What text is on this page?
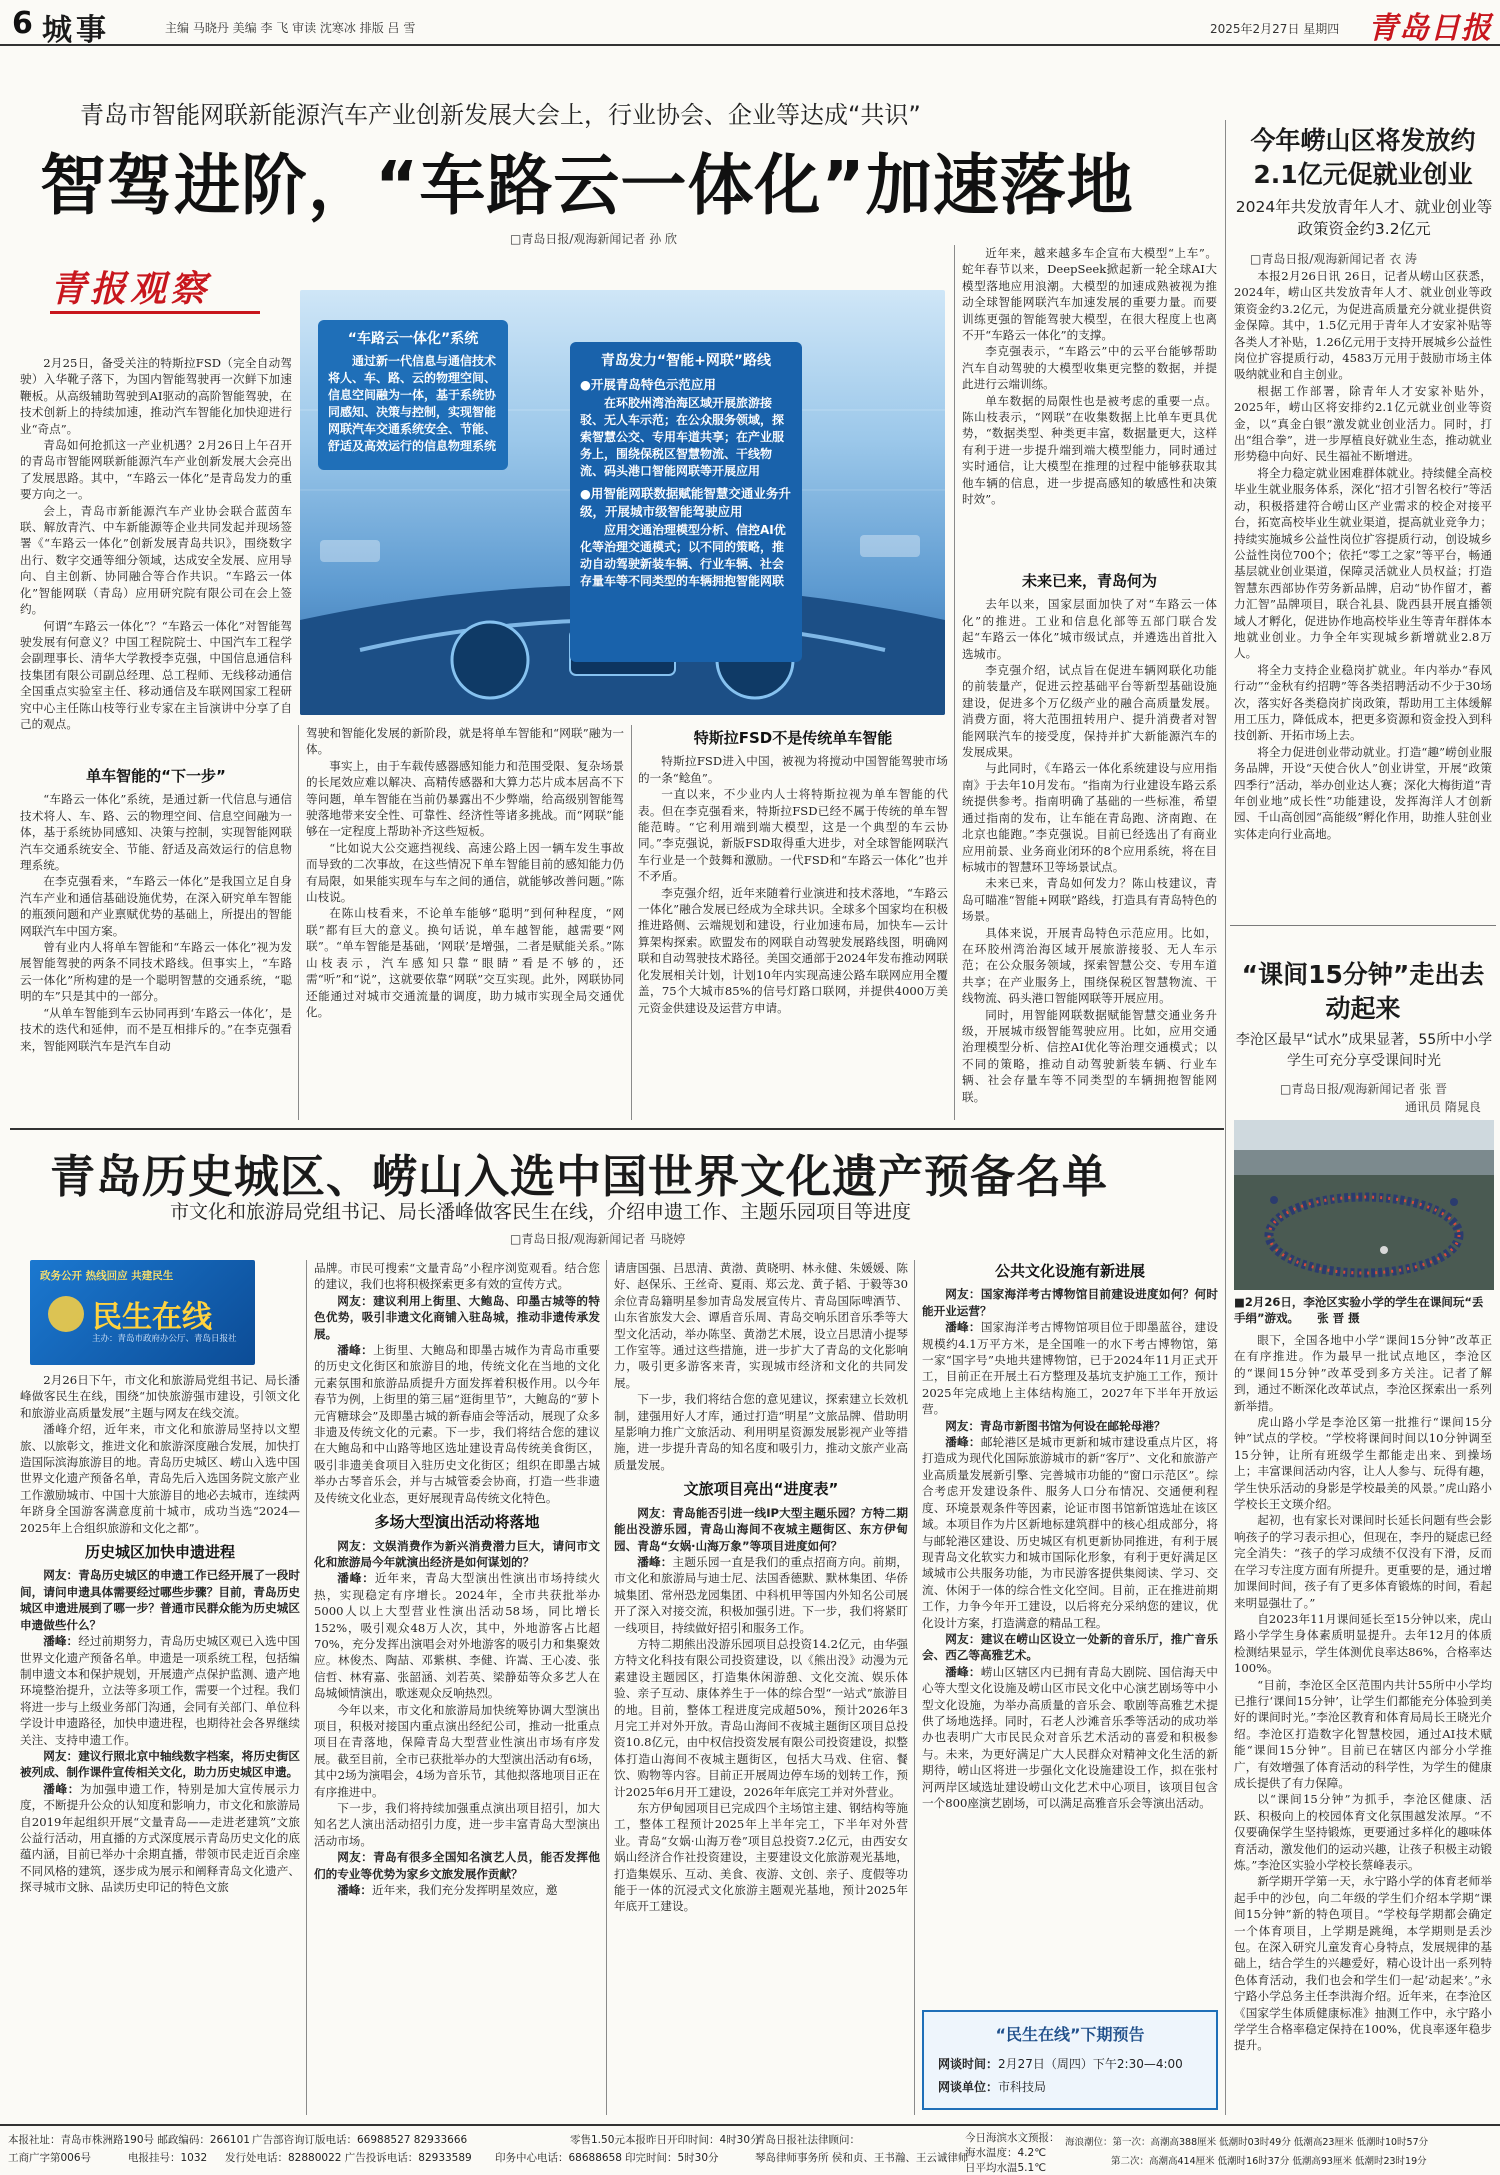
6 城事	主编 马晓丹 美编 李 飞 审读 沈寒冰 排版 吕 雪	2025年2月27日 星期四 青岛日报
青岛市智能网联新能源汽车产业创新发展大会上，行业协会、企业等达成“共识”
智驾进阶，“车路云一体化”加速落地
□青岛日报/观海新闻记者 孙 欣
青报观察
“车路云一体化”系统
通过新一代信息与通信技术将人、车、路、云的物理空间、信息空间融为一体，基于系统协同感知、决策与控制，实现智能网联汽车交通系统安全、节能、舒适及高效运行的信息物理系统
青岛发力“智能+网联”路线
●开展青岛特色示范应用
在环胶州湾治海区域开展旅游接驳、无人车示范；在公众服务领域，探索智慧公交、专用车道共享；在产业服务上，围绕保税区智慧物流、干线物流、码头港口智能网联等开展应用
●用智能网联数据赋能智慧交通业务升级，开展城市级智能驾驶应用
应用交通治理模型分析、信控AI优化等治理交通模式；以不同的策略，推动自动驾驶新装车辆、行业车辆、社会存量车等不同类型的车辆拥抱智能网联

2月25日，备受关注的特斯拉FSD（完全自动驾驶）入华靴子落下，为国内智能驾驶再一次鲜下加速鞭板。从高级辅助驾驶到AI驱动的高阶智能驾驶，在技术创新上的持续加速，推动汽车智能化加快迎进行业“奇点”。

青岛如何抢抓这一产业机遇？2月26日上午召开的青岛市智能网联新能源汽车产业创新发展大会亮出了发展思路。其中，“车路云一体化”是青岛发力的重要方向之一。

会上，青岛市新能源汽车产业协会联合蓝茵车联、解放青汽、中车新能源等企业共同发起并现场签署《“车路云一体化”创新发展青岛共识》，围绕数字出行、数字交通等细分领域，达成安全发展、应用导向、自主创新、协同融合等合作共识。“车路云一体化”智能网联（青岛）应用研究院有限公司在会上签约。

何谓“车路云一体化”？“车路云一体化”对智能驾驶发展有何意义？中国工程院院士、中国汽车工程学会副理事长、清华大学教授李克强，中国信息通信科技集团有限公司副总经理、总工程师、无线移动通信全国重点实验室主任、移动通信及车联网国家工程研究中心主任陈山枝等行业专家在主旨演讲中分享了自己的观点。

单车智能的“下一步”

“车路云一体化”系统，是通过新一代信息与通信技术将人、车、路、云的物理空间、信息空间融为一体，基于系统协同感知、决策与控制，实现智能网联汽车交通系统安全、节能、舒适及高效运行的信息物理系统。

在李克强看来，“车路云一体化”是我国立足自身汽车产业和通信基础设施优势，在深入研究单车智能的瓶颈问题和产业禀赋优势的基础上，所提出的智能网联汽车中国方案。

曾有业内人将单车智能和“车路云一体化”视为发展智能驾驶的两条不同技术路线。但事实上，“车路云一体化”所构建的是一个聪明智慧的交通系统，“聪明的车”只是其中的一部分。

“从单车智能到车云协同再到‘车路云一体化’，是技术的迭代和延伸，而不是互相排斥的。”在李克强看来，智能网联汽车是汽车自动

驾驶和智能化发展的新阶段，就是将单车智能和“网联”融为一体。

事实上，由于车载传感器感知能力和范围受限、复杂场景的长尾效应难以解决、高精传感器和大算力芯片成本居高不下等问题，单车智能在当前仍暴露出不少弊端，给高级别智能驾驶落地带来安全性、可靠性、经济性等诸多挑战。而“网联”能够在一定程度上帮助补齐这些短板。

“比如说大公交遮挡视线、高速公路上因一辆车发生事故而导致的二次事故，在这些情况下单车智能目前的感知能力仍有局限，如果能实现车与车之间的通信，就能够改善问题。”陈山枝说。

在陈山枝看来，不论单车能够“聪明”到何种程度，“网联”都有巨大的意义。换句话说，单车越智能，越需要“网联”。“单车智能是基础，‘网联’是增强，二者是赋能关系。”陈山枝表示，汽车感知只靠“眼睛”看是不够的，还需“听”和“说”，这就要依靠“网联”交互实现。此外，网联协同还能通过对城市交通流量的调度，助力城市实现全局交通优化。

特斯拉FSD不是传统单车智能

特斯拉FSD进入中国，被视为将搅动中国智能驾驶市场的一条“鲶鱼”。

一直以来，不少业内人士将特斯拉视为单车智能的代表。但在李克强看来，特斯拉FSD已经不属于传统的单车智能范畴。“它利用端到端大模型，这是一个典型的车云协同。”李克强说，新版FSD取得重大进步，对全球智能网联汽车行业是一个鼓舞和激励。一代FSD和“车路云一体化”也并不矛盾。

李克强介绍，近年来随着行业演进和技术落地，“车路云一体化”融合发展已经成为全球共识。全球多个国家均在积极推进路侧、云端规划和建设，行业加速布局，加快车—云计算架构探索。欧盟发布的网联自动驾驶发展路线图，明确网联和自动驾驶技术路径。美国交通部于2024年发布推动网联化发展相关计划，计划10年内实现高速公路车联网应用全覆盖，75个大城市85%的信号灯路口联网，并提供4000万美元资金供建设及运营方申请。

近年来，越来越多车企宣布大模型“上车”。蛇年春节以来，DeepSeek掀起新一轮全球AI大模型落地应用浪潮。大模型的加速成熟被视为推动全球智能网联汽车加速发展的重要力量。而要训练更强的智能驾驶大模型，在很大程度上也离不开“车路云一体化”的支撑。

李克强表示，“车路云”中的云平台能够帮助汽车自动驾驶的大模型收集更完整的数据，并提此进行云端训练。

单车数据的局限性也是被考虑的重要一点。陈山枝表示，“网联”在收集数据上比单车更具优势，“数据类型、种类更丰富，数据量更大，这样有利于进一步提升端到端大模型能力，同时通过实时通信，让大模型在推理的过程中能够获取其他车辆的信息，进一步提高感知的敏感性和决策时效”。

未来已来，青岛何为

去年以来，国家层面加快了对“车路云一体化”的推进。工业和信息化部等五部门联合发起“车路云一体化”城市级试点，并遴选出首批入选城市。

李克强介绍，试点旨在促进车辆网联化功能的前装量产，促进云控基础平台等新型基础设施建设，促进多个万亿级产业的融合高质量发展。消费方面，将大范围扭转用户、提升消费者对智能网联汽车的接受度，保持并扩大新能源汽车的发展成果。

与此同时，《车路云一体化系统建设与应用指南》于去年10月发布。“指南为行业建设车路云系统提供参考。指南明确了基础的一些标准，希望通过指南的发布，让车能在青岛跑、济南跑、在北京也能跑。”李克强说。目前已经选出了有商业应用前景、业务商业闭环的8个应用系统，将在目标城市的智慧环卫等场景试点。

未来已来，青岛如何发力？陈山枝建议，青岛可瞄准“智能+网联”路线，打造具有青岛特色的场景。

具体来说，开展青岛特色示范应用。比如，在环胶州湾治海区域开展旅游接驳、无人车示范；在公众服务领域，探索智慧公交、专用车道共享；在产业服务上，围绕保税区智慧物流、干线物流、码头港口智能网联等开展应用。

同时，用智能网联数据赋能智慧交通业务升级，开展城市级智能驾驶应用。比如，应用交通治理模型分析、信控AI优化等治理交通模式；以不同的策略，推动自动驾驶新装车辆、行业车辆、社会存量车等不同类型的车辆拥抱智能网联。

今年崂山区将发放约2.1亿元促就业创业
2024年共发放青年人才、就业创业等政策资金约3.2亿元
□青岛日报/观海新闻记者 衣 涛

本报2月26日讯 26日，记者从崂山区获悉，2024年，崂山区共发放青年人才、就业创业等政策资金约3.2亿元，为促进高质量充分就业提供资金保障。其中，1.5亿元用于青年人才安家补贴等各类人才补贴，1.26亿元用于支持开展城乡公益性岗位扩容提质行动，4583万元用于鼓励市场主体吸纳就业和自主创业。

根据工作部署，除青年人才安家补贴外，2025年，崂山区将安排约2.1亿元就业创业等资金，以“真金白银”激发就业创业活力。同时，打出“组合拳”，进一步厚植良好就业生态，推动就业形势稳中向好、民生福祉不断增进。

将全力稳定就业困难群体就业。持续健全高校毕业生就业服务体系，深化“招才引智名校行”等活动，积极搭建符合崂山区产业需求的校企对接平台，拓宽高校毕业生就业渠道，提高就业竞争力；持续实施城乡公益性岗位扩容提质行动，创设城乡公益性岗位700个；依托“零工之家”等平台，畅通基层就业创业渠道，保障灵活就业人员权益；打造智慧东西部协作劳务新品牌，启动“协作留才，蓄力汇智”品牌项目，联合礼县、陇西县开展直播领域人才孵化，促进协作地高校毕业生等青年群体本地就业创业。力争全年实现城乡新增就业2.8万人。

将全力支持企业稳岗扩就业。年内举办“春风行动”“金秋有约招聘”等各类招聘活动不少于30场次，落实好各类稳岗扩岗政策，帮助用工主体缓解用工压力，降低成本，把更多资源和资金投入到科技创新、开拓市场上去。

将全力促进创业带动就业。打造“趣”崂创业服务品牌，开设“天使合伙人”创业讲堂，开展“政策四季行”活动，举办创业达人赛；深化大梅街道“青年创业地”成长性”功能建设，发挥海洋人才创新园、千山高创园“高能级”孵化作用，助推人驻创业实体走向行业高地。

“课间15分钟”走出去动起来
李沧区最早“试水”成果显著，55所中小学学生可充分享受课间时光
□青岛日报/观海新闻记者 张 晋
通讯员 隋晁良
■2月26日，李沧区实验小学的学生在课间玩“丢手绢”游戏。 张 晋 摄

眼下，全国各地中小学“课间15分钟”改革正在有序推进。作为最早一批试点地区，李沧区的“课间15分钟”改革受到多方关注。记者了解到，通过不断深化改革试点，李沧区探索出一系列新举措。

虎山路小学是李沧区第一批推行“课间15分钟”试点的学校。“学校将课间时间以10分钟调至15分钟，让所有班级学生都能走出来、到操场上；丰富课间活动内容，让人人参与、玩得有趣，学生快乐活动的身影是学校最美的风景。”虎山路小学校长王文瑛介绍。

起初，也有家长对课间时长延长问题有些会影响孩子的学习表示担心，但现在，李丹的疑虑已经完全消失：“孩子的学习成绩不仅没有下滑，反而在学习专注度方面有所提升。更重要的是，通过增加课间时间，孩子有了更多体育锻炼的时间，看起来明显强壮了。”

自2023年11月课间延长至15分钟以来，虎山路小学学生身体素质明显提升。去年12月的体质检测结果显示，学生体测优良率达86%，合格率达100%。

“目前，李沧区全区范围内共计55所中小学均已推行‘课间15分钟’，让学生们都能充分体验到美好的课间时光。”李沧区教育和体育局局长王晓光介绍。李沧区打造数字化智慧校园，通过AI技术赋能“课间15分钟”。目前已在辖区内部分小学推广，有效增强了体育活动的科学性，为学生的健康成长提供了有力保障。

以“课间15分钟”为抓手，李沧区健康、活跃、积极向上的校园体育文化氛围越发浓厚。“不仅要确保学生坚持锻炼，更要通过多样化的趣味体育活动，激发他们的运动兴趣，让孩子积极主动锻炼。”李沧区实验小学校长蔡峰表示。

新学期开学第一天，永宁路小学的体育老师举起手中的沙包，向二年级的学生们介绍本学期“课间15分钟”新的特色项目。“学校每学期都会确定一个体育项目，上学期是跳绳，本学期则是丢沙包。在深入研究儿童发育心身特点，发展规律的基础上，结合学生的兴趣爱好，精心设计出一系列特色体育活动，我们也会和学生们一起‘动起来’。”永宁路小学总务主任李洪海介绍。近年来，在李沧区《国家学生体质健康标准》抽测工作中，永宁路小学学生合格率稳定保持在100%，优良率逐年稳步提升。

青岛历史城区、崂山入选中国世界文化遗产预备名单
市文化和旅游局党组书记、局长潘峰做客民生在线，介绍申遗工作、主题乐园项目等进度
□青岛日报/观海新闻记者 马晓婷
政务公开 热线回应 共建民生
民生在线
主办：青岛市政府办公厅、青岛日报社

2月26日下午，市文化和旅游局党组书记、局长潘峰做客民生在线，围绕“加快旅游强市建设，引领文化和旅游业高质量发展”主题与网友在线交流。

潘峰介绍，近年来，市文化和旅游局坚持以文塑旅、以旅彰文，推进文化和旅游深度融合发展，加快打造国际滨海旅游目的地。青岛历史城区、崂山入选中国世界文化遗产预备名单，青岛先后入选国务院文旅产业工作激励城市、中国十大旅游目的地必去城市，连续两年跻身全国游客满意度前十城市，成功当选“2024—2025年上合组织旅游和文化之都”。

历史城区加快申遗进程

网友：青岛历史城区的申遗工作已经开展了一段时间，请问申遗具体需要经过哪些步骤？目前，青岛历史城区申遗进展到了哪一步？普通市民群众能为历史城区申遗做些什么？

潘峰：经过前期努力，青岛历史城区观已入选中国世界文化遗产预备名单。申遗是一项系统工程，包括编制申遗文本和保护规划，开展遗产点保护监测、遗产地环境整治提升，立法等多项工作，需要一个过程。我们将进一步与上级业务部门沟通，会同有关部门、单位科学设计申遗路径，加快申遗进程，也期待社会各界继续关注、支持申遗工作。

网友：建议行照北京中轴线数字档案，将历史街区被列成、制作课件宣传相关文化，助力历史城区申遗。

潘峰：为加强申遗工作，特别是加大宣传展示力度，不断提升公众的认知度和影响力，市文化和旅游局自2019年起组织开展“文量青岛——走进老建筑”文旅公益行活动，用直播的方式深度展示青岛历史文化的底蕴内涵，目前已举办十余期直播，带领市民走近百余座不同风格的建筑，逐步成为展示和阐释青岛文化遗产、探寻城市文脉、品读历史印记的特色文旅

品牌。市民可搜索“文量青岛”小程序浏览观看。结合您的建议，我们也将积极探索更多有效的宣传方式。

网友：建议利用上街里、大鲍岛、印墨古城等的特色优势，吸引非遗文化商铺入驻岛城，推动非遗传承发展。

潘峰：上街里、大鲍岛和即墨古城作为青岛市重要的历史文化街区和旅游目的地，传统文化在当地的文化元素氛围和旅游品质提升方面发挥着积极作用。以今年春节为例，上街里的第三届“逛街里节”，大鲍岛的“萝卜元宵糖球会”及即墨古城的新春庙会等活动，展现了众多非遗及传统文化的元素。下一步，我们将结合您的建议在大鲍岛和中山路等地区选址建设青岛传统美食街区，吸引非遗美食项目入驻历史文化街区；组织在即墨古城举办古琴音乐会，并与古城管委会协商，打造一些非遗及传统文化业态，更好展现青岛传统文化特色。

多场大型演出活动将落地

网友：文娱消费作为新兴消费潜力巨大，请问市文化和旅游局今年就演出经济是如何谋划的？

潘峰：近年来，青岛大型演出性演出市场持续火热，实现稳定有序增长。2024年，全市共获批举办5000人以上大型营业性演出活动58场，同比增长152%，吸引观众48万人次，其中，外地游客占比超70%，充分发挥出演唱会对外地游客的吸引力和集聚效应。林俊杰、陶喆、邓紫棋、李健、许嵩、王心凌、张信哲、林宥嘉、张韶涵、刘若英、梁静茹等众多艺人在岛城倾情演出，歌迷观众反响热烈。

今年以来，市文化和旅游局加快统筹协调大型演出项目，积极对接国内重点演出经纪公司，推动一批重点项目在青落地，保障青岛大型营业性演出市场有序发展。截至目前，全市已获批举办的大型演出活动有6场，其中2场为演唱会，4场为音乐节，其他拟落地项目正在有序推进中。

下一步，我们将持续加强重点演出项目招引，加大知名艺人演出活动招引力度，进一步丰富青岛大型演出活动市场。

网友：青岛有很多全国知名演艺人员，能否发挥他们的专业等优势为家乡文旅发展作贡献？

潘峰：近年来，我们充分发挥明星效应，邀

请唐国强、吕思清、黄渤、黄晓明、林永健、朱媛媛、陈好、赵保乐、王丝奇、夏雨、郑云龙、黄子韬、于毅等30余位青岛籍明星参加青岛发展宣传片、青岛国际啤酒节、山东省旅发大会、谭盾音乐周、青岛交响乐团音乐季等大型文化活动，举办陈坚、黄渤艺术展，设立吕思清小提琴工作室等。通过这些措施，进一步扩大了青岛的文化影响力，吸引更多游客来青，实现城市经济和文化的共同发展。

下一步，我们将结合您的意见建议，探索建立长效机制，建强用好人才库，通过打造“明星”文旅品牌、借助明星影响力推广文旅活动、利用明星资源发展影视产业等措施，进一步提升青岛的知名度和吸引力，推动文旅产业高质量发展。

文旅项目亮出“进度表”

网友：青岛能否引进一线IP大型主题乐园？方特二期能出没游乐园，青岛山海间不夜城主题街区、东方伊甸园、青岛“女娲·山海万象”等项目进度如何？

潘峰：主题乐园一直是我们的重点招商方向。前期，市文化和旅游局与迪士尼、法国香德默、默林集团、华侨城集团、常州恐龙园集团、中科机甲等国内外知名公司展开了深入对接交流，积极加强引进。下一步，我们将紧盯一线项目，持续做好招引和服务工作。

方特二期熊出没游乐园项目总投资14.2亿元，由华强方特文化科技有限公司投资建设，以《熊出没》动漫为元素建设主题园区，打造集休闲游憩、文化交流、娱乐体验、亲子互动、康体养生于一体的综合型“一站式”旅游目的地。目前，整体工程进度完成超50%，预计2026年3月完工并对外开放。青岛山海间不夜城主题街区项目总投资10.8亿元，由中权信投资发展有限公司投资建设，拟整体打造山海间不夜城主题街区，包括大马戏、住宿、餐饮、购物等内容。目前正开展周边停车场的划转工作，预计2025年6月开工建设，2026年年底完工并对外营业。

东方伊甸园项目已完成四个主场馆主建、钢结构等施工，整体工程预计2025年上半年完工，下半年对外营业。青岛“女娲·山海万卷”项目总投资7.2亿元，由西安女娲山经济合作社投资建设，主要建设文化旅游观光基地，打造集娱乐、互动、美食、夜游、文创、亲子、度假等功能于一体的沉浸式文化旅游主题观光基地，预计2025年年底开工建设。

公共文化设施有新进展

网友：国家海洋考古博物馆目前建设进度如何？何时能开业运营？

潘峰：国家海洋考古博物馆项目位于即墨蓝谷，建设规模约4.1万平方米，是全国唯一的水下考古博物馆，第一家“国字号”央地共建博物馆，已于2024年11月正式开工，目前正在开展土石方整理及基坑支护施工工作，预计2025年完成地上主体结构施工，2027年下半年开放运营。

网友：青岛市新图书馆为何设在邮轮母港？

潘峰：邮轮港区是城市更新和城市建设重点片区，将打造成为现代化国际旅游城市的新“客厅”、文化和旅游产业高质量发展新引擎、完善城市功能的“窗口示范区”。综合考虑开发建设条件、服务人口分布情况、交通便利程度、环境景观条件等因素，论证市图书馆新馆选址在该区域。本项目作为片区新地标建筑群中的核心组成部分，将与邮轮港区建设、历史城区有机更新协同推进，有利于展现青岛文化软实力和城市国际化形象，有利于更好满足区域城市公共服务功能，为市民游客提供集阅读、学习、交流、休闲于一体的综合性文化空间。目前，正在推进前期工作，力争今年开工建设，以后将充分采纳您的建议，优化设计方案，打造满意的精品工程。

网友：建议在崂山区设立一处新的音乐厅，推广音乐会、西乙等高雅艺术。

潘峰：崂山区辖区内已拥有青岛大剧院、国信海天中心等大型文化设施及崂山区市民文化中心演艺剧场等中小型文化设施，为举办高质量的音乐会、歌剧等高雅艺术提供了场地选择。同时，石老人沙滩音乐季等活动的成功举办也表明广大市民民众对音乐艺术活动的喜爱和积极参与。未来，为更好满足广大人民群众对精神文化生活的新期待，崂山区将进一步强化文化设施建设工作，拟在张村河两岸区域选址建设崂山文化艺术中心项目，该项目包含一个800座演艺剧场，可以满足高雅音乐会等演出活动。

“民生在线”下期预告
网谈时间：2月27日（周四）下午2:30—4:00
网谈单位：市科技局
本报社址：青岛市株洲路190号 邮政编码：266101
工商广字第006号	电报挂号：1032
广告部咨询订版电话：66988527 82933666
发行处电话：82880022 广告投诉电话：82933589 印务中心电话：68688658
零售1.50元 本报昨日开印时间：4时30分
印完时间：5时30分
青岛日报社法律顾问：
琴岛律师事务所 侯和贞、王书瀚、王云诚律师
今日海滨水文预报：
海水温度：4.2℃
日平均水温5.1℃
海浪潮位：第一次：高潮高388厘米 低潮时03时49分 低潮高23厘米 低潮时10时57分
第二次：高潮高414厘米 低潮时16时37分 低潮高93厘米 低潮时23时19分
